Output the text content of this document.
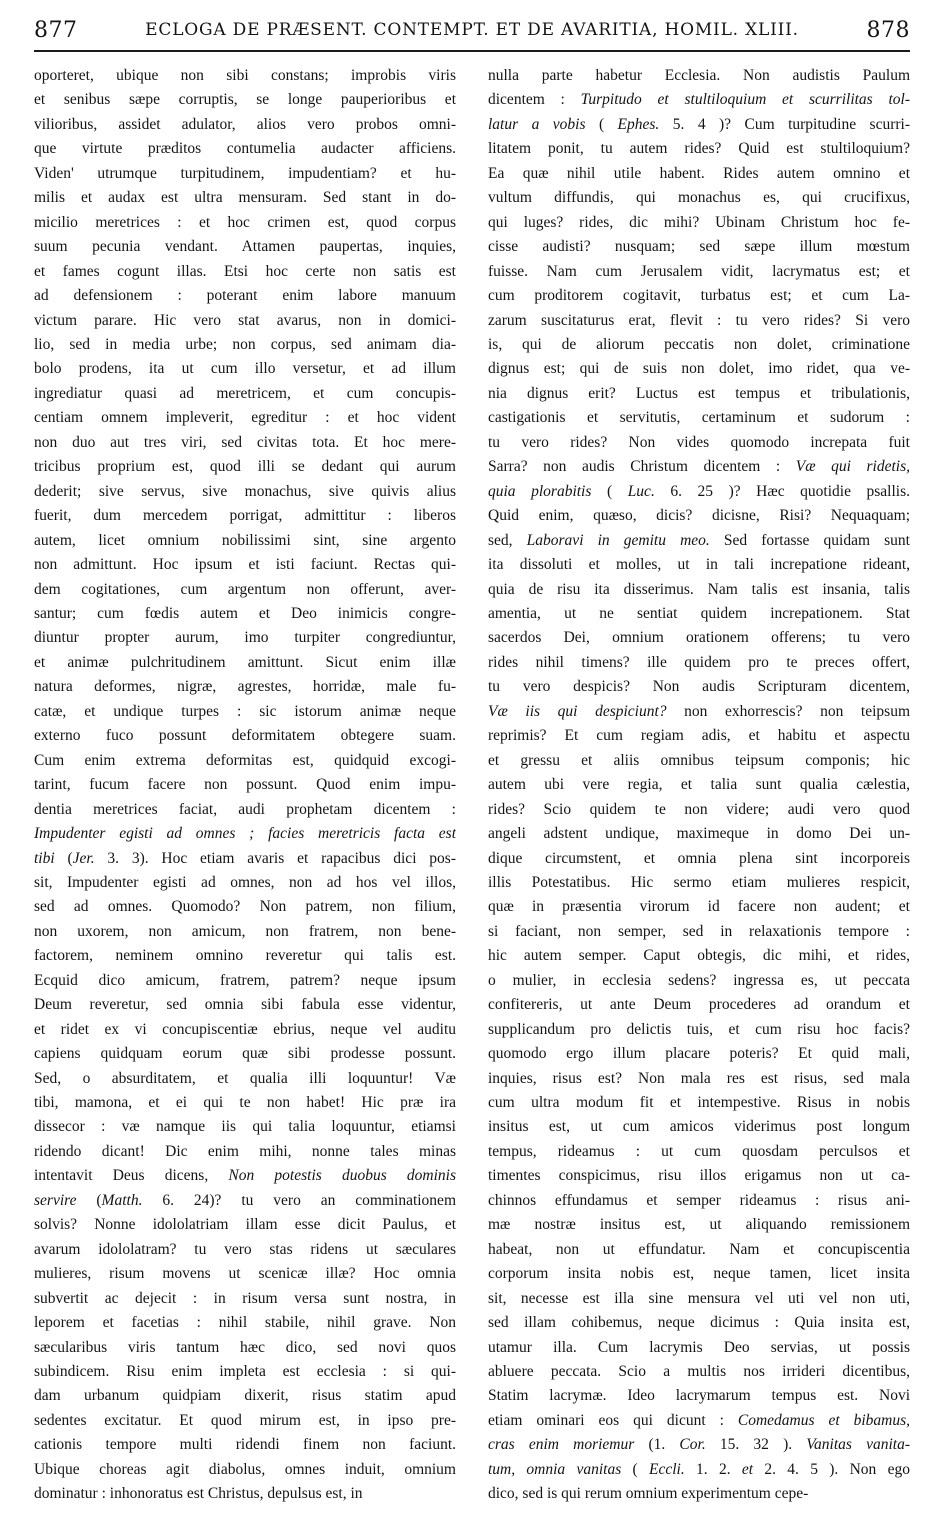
877	ECLOGA DE PRÆSENT. CONTEMPT. ET DE AVARITIA, HOMIL. XLIII.	878
oporteret, ubique non sibi constans; improbis viris
et senibus sæpe corruptis, se longe pauperioribus et
vilioribus, assidet adulator, alios vero probos omni-
que virtute præditos contumelia audacter afficiens.
Viden' utrumque turpitudinem, impudentiam? et hu-
milis et audax est ultra mensuram. Sed stant in do-
micilio meretrices : et hoc crimen est, quod corpus
suum pecunia vendant. Attamen paupertas, inquies,
et fames cogunt illas. Etsi hoc certe non satis est
ad defensionem : poterant enim labore manuum
victum parare. Hic vero stat avarus, non in domici-
lio, sed in media urbe; non corpus, sed animam dia-
bolo prodens, ita ut cum illo versetur, et ad illum
ingrediatur quasi ad meretricem, et cum concupis-
centiam omnem impleverit, egreditur : et hoc vident
non duo aut tres viri, sed civitas tota. Et hoc mere-
tricibus proprium est, quod illi se dedant qui aurum
dederit; sive servus, sive monachus, sive quivis alius
fuerit, dum mercedem porrigat, admittitur : liberos
autem, licet omnium nobilissimi sint, sine argento
non admittunt. Hoc ipsum et isti faciunt. Rectas qui-
dem cogitationes, cum argentum non offerunt, aver-
santur; cum fœdis autem et Deo inimicis congre-
diuntur propter aurum, imo turpiter congrediuntur,
et animæ pulchritudinem amittunt. Sicut enim illæ
natura deformes, nigræ, agrestes, horridæ, male fu-
catæ, et undique turpes : sic istorum animæ neque
externo fuco possunt deformitatem obtegere suam.
Cum enim extrema deformitas est, quidquid excogi-
tarint, fucum facere non possunt. Quod enim impu-
dentia meretrices faciat, audi prophetam dicentem :
Impudenter egisti ad omnes ; facies meretricis facta est
tibi (Jer. 3. 3). Hoc etiam avaris et rapacibus dici pos-
sit, Impudenter egisti ad omnes, non ad hos vel illos,
sed ad omnes. Quomodo? Non patrem, non filium,
non uxorem, non amicum, non fratrem, non bene-
factorem, neminem omnino reveretur qui talis est.
Ecquid dico amicum, fratrem, patrem? neque ipsum
Deum reveretur, sed omnia sibi fabula esse videntur,
et ridet ex vi concupiscentiæ ebrius, neque vel auditu
capiens quidquam eorum quæ sibi prodesse possunt.
Sed, o absurditatem, et qualia illi loquuntur! Væ
tibi, mamona, et ei qui te non habet! Hic præ ira
dissecor : væ namque iis qui talia loquuntur, etiamsi
ridendo dicant! Dic enim mihi, nonne tales minas
intentavit Deus dicens, Non potestis duobus dominis
servire (Matth. 6. 24)? tu vero an comminationem
solvis? Nonne idololatriam illam esse dicit Paulus, et
avarum idololatram? tu vero stas ridens ut sæculares
mulieres, risum movens ut scenicæ illæ? Hoc omnia
subvertit ac dejecit : in risum versa sunt nostra, in
leporem et facetias : nihil stabile, nihil grave. Non
sæcularibus viris tantum hæc dico, sed novi quos
subindicem. Risu enim impleta est ecclesia : si qui-
dam urbanum quidpiam dixerit, risus statim apud
sedentes excitatur. Et quod mirum est, in ipso pre-
cationis tempore multi ridendi finem non faciunt.
Ubique choreas agit diabolus, omnes induit, omnium
dominatur : inhonoratus est Christus, depulsus est, in
nulla parte habetur Ecclesia. Non audistis Paulum
dicentem : Turpitudo et stultiloquium et scurrilitas tol-
latur a vobis ( Ephes. 5. 4 )? Cum turpitudine scurri-
litatem ponit, tu autem rides? Quid est stultiloquium?
Ea quæ nihil utile habent. Rides autem omnino et
vultum diffundis, qui monachus es, qui crucifixus,
qui luges? rides, dic mihi? Ubinam Christum hoc fe-
cisse audisti? nusquam; sed sæpe illum mœstum
fuisse. Nam cum Jerusalem vidit, lacrymatus est; et
cum proditorem cogitavit, turbatus est; et cum La-
zarum suscitaturus erat, flevit : tu vero rides? Si vero
is, qui de aliorum peccatis non dolet, criminatione
dignus est; qui de suis non dolet, imo ridet, qua ve-
nia dignus erit? Luctus est tempus et tribulationis,
castigationis et servitutis, certaminum et sudorum :
tu vero rides? Non vides quomodo increpata fuit
Sarra? non audis Christum dicentem : Væ qui ridetis,
quia plorabitis ( Luc. 6. 25 )? Hæc quotidie psallis.
Quid enim, quæso, dicis? dicisne, Risi? Nequaquam;
sed, Laboravi in gemitu meo. Sed fortasse quidam sunt
ita dissoluti et molles, ut in tali increpatione rideant,
quia de risu ita disserimus. Nam talis est insania, talis
amentia, ut ne sentiat quidem increpationem. Stat
sacerdos Dei, omnium orationem offerens; tu vero
rides nihil timens? ille quidem pro te preces offert,
tu vero despicis? Non audis Scripturam dicentem,
Væ iis qui despiciunt? non exhorrescis? non teipsum
reprimis? Et cum regiam adis, et habitu et aspectu
et gressu et aliis omnibus teipsum componis; hic
autem ubi vere regia, et talia sunt qualia cælestia,
rides? Scio quidem te non videre; audi vero quod
angeli adstent undique, maximeque in domo Dei un-
dique circumstent, et omnia plena sint incorporeis
illis Potestatibus. Hic sermo etiam mulieres respicit,
quæ in præsentia virorum id facere non audent; et
si faciant, non semper, sed in relaxationis tempore :
hic autem semper. Caput obtegis, dic mihi, et rides,
o mulier, in ecclesia sedens? ingressa es, ut peccata
confitereris, ut ante Deum procederes ad orandum et
supplicandum pro delictis tuis, et cum risu hoc facis?
quomodo ergo illum placare poteris? Et quid mali,
inquies, risus est? Non mala res est risus, sed mala
cum ultra modum fit et intempestive. Risus in nobis
insitus est, ut cum amicos viderimus post longum
tempus, rideamus : ut cum quosdam perculsos et
timentes conspicimus, risu illos erigamus non ut ca-
chinnos effundamus et semper rideamus : risus ani-
mæ nostræ insitus est, ut aliquando remissionem
habeat, non ut effundatur. Nam et concupiscentia
corporum insita nobis est, neque tamen, licet insita
sit, necesse est illa sine mensura vel uti vel non uti,
sed illam cohibemus, neque dicimus : Quia insita est,
utamur illa. Cum lacrymis Deo servias, ut possis
abluere peccata. Scio a multis nos irrideri dicentibus,
Statim lacrymæ. Ideo lacrymarum tempus est. Novi
etiam ominari eos qui dicunt : Comedamus et bibamus,
cras enim moriemur (1. Cor. 15. 32 ). Vanitas vanita-
tum, omnia vanitas ( Eccli. 1. 2. et 2. 4. 5 ). Non ego
dico, sed is qui rerum omnium experimentum cepe-
